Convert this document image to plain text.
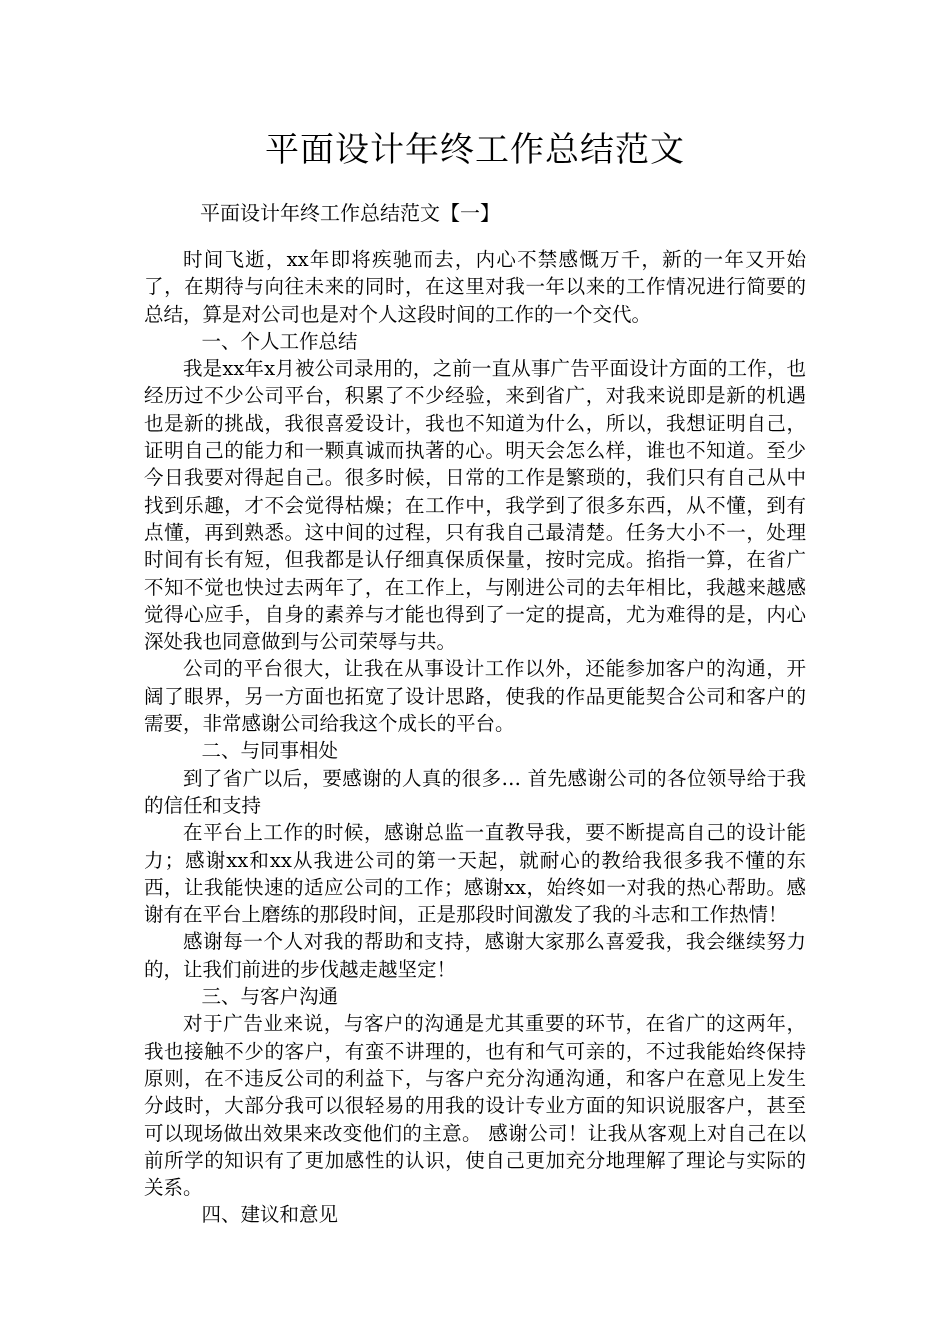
平面设计年终工作总结范文
平面设计年终工作总结范文【一】

时间飞逝，xx年即将疾驰而去，内心不禁感慨万千，新的一年又开始了，在期待与向往未来的同时，在这里对我一年以来的工作情况进行简要的总结，算是对公司也是对个人这段时间的工作的一个交代。

一、个人工作总结

我是xx年x月被公司录用的，之前一直从事广告平面设计方面的工作，也经历过不少公司平台，积累了不少经验，来到省广，对我来说即是新的机遇也是新的挑战，我很喜爱设计，我也不知道为什么，所以，我想证明自己，证明自己的能力和一颗真诚而执著的心。明天会怎么样，谁也不知道。至少今日我要对得起自己。很多时候，日常的工作是繁琐的，我们只有自己从中找到乐趣，才不会觉得枯燥；在工作中，我学到了很多东西，从不懂，到有点懂，再到熟悉。这中间的过程，只有我自己最清楚。任务大小不一，处理时间有长有短，但我都是认仔细真保质保量，按时完成。掐指一算，在省广不知不觉也快过去两年了，在工作上，与刚进公司的去年相比，我越来越感觉得心应手，自身的素养与才能也得到了一定的提高，尤为难得的是，内心深处我也同意做到与公司荣辱与共。

公司的平台很大，让我在从事设计工作以外，还能参加客户的沟通，开阔了眼界，另一方面也拓宽了设计思路，使我的作品更能契合公司和客户的需要，非常感谢公司给我这个成长的平台。

二、与同事相处

到了省广以后，要感谢的人真的很多… 首先感谢公司的各位领导给于我的信任和支持

在平台上工作的时候，感谢总监一直教导我，要不断提高自己的设计能力；感谢xx和xx从我进公司的第一天起，就耐心的教给我很多我不懂的东西，让我能快速的适应公司的工作；感谢xx，始终如一对我的热心帮助。感谢有在平台上磨练的那段时间，正是那段时间激发了我的斗志和工作热情！

感谢每一个人对我的帮助和支持，感谢大家那么喜爱我，我会继续努力的，让我们前进的步伐越走越坚定！

三、与客户沟通

对于广告业来说，与客户的沟通是尤其重要的环节，在省广的这两年，我也接触不少的客户，有蛮不讲理的，也有和气可亲的，不过我能始终保持原则，在不违反公司的利益下，与客户充分沟通沟通，和客户在意见上发生分歧时，大部分我可以很轻易的用我的设计专业方面的知识说服客户，甚至可以现场做出效果来改变他们的主意。 感谢公司！让我从客观上对自己在以前所学的知识有了更加感性的认识，使自己更加充分地理解了理论与实际的关系。

四、建议和意见
